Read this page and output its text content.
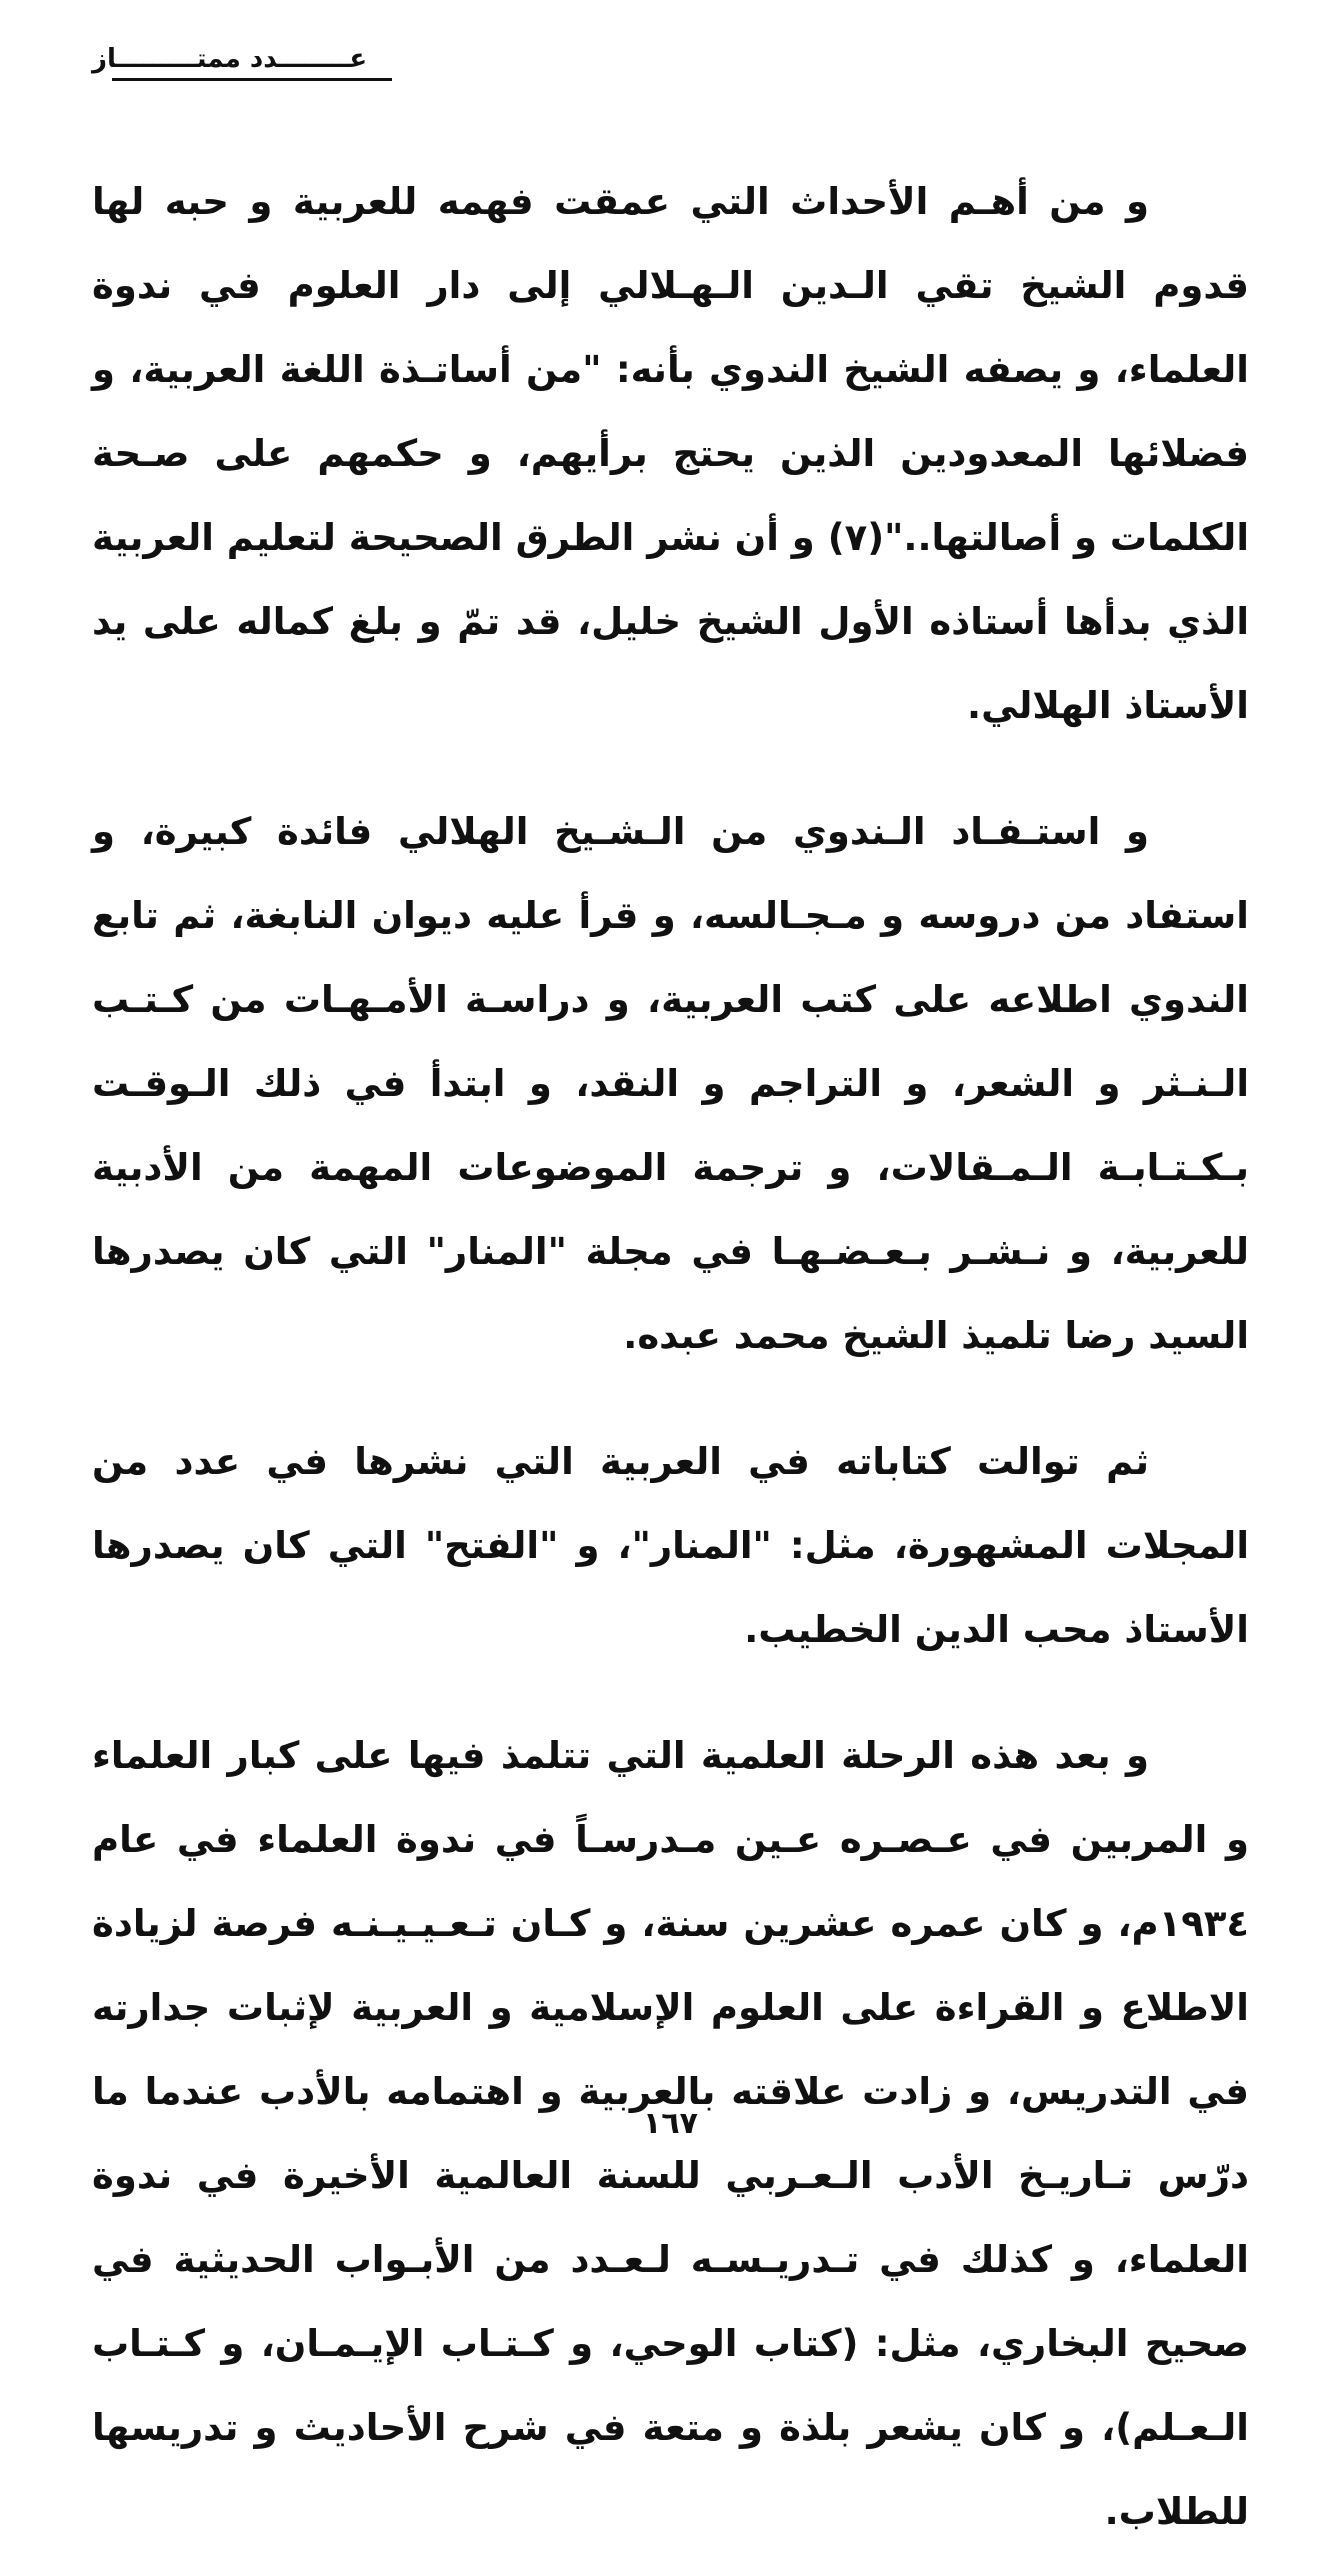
عــــــــدد ممتـــــــــاز

و من أهـم الأحداث التي عمقت فهمه للعربية و حبه لها قدوم الشيخ تقي الـدين الـهـلالي إلى دار العلوم في ندوة العلماء، و يصفه الشيخ الندوي بأنه: "من أساتـذة اللغة العربية، و فضلائها المعدودين الذين يحتج برأيهم، و حكمهم على صـحة الكلمات و أصالتها.."(٧) و أن نشر الطرق الصحيحة لتعليم العربية الذي بدأها أستاذه الأول الشيخ خليل، قد تمّ و بلغ كماله على يد الأستاذ الهلالي.

و استـفـاد الـندوي من الـشـيخ الهلالي فائدة كبيرة، و استفاد من دروسه و مـجـالسه، و قرأ عليه ديوان النابغة، ثم تابع الندوي اطلاعه على كتب العربية، و دراسـة الأمـهـات من كـتـب الـنـثر و الشعر، و التراجم و النقد، و ابتدأ في ذلك الـوقـت بـكـتـابـة الـمـقالات، و ترجمة الموضوعات المهمة من الأدبية للعربية، و نـشـر بـعـضـهـا في مجلة "المنار" التي كان يصدرها السيد رضا تلميذ الشيخ محمد عبده.

ثم توالت كتاباته في العربية التي نشرها في عدد من المجلات المشهورة، مثل: "المنار"، و "الفتح" التي كان يصدرها الأستاذ محب الدين الخطيب.

و بعد هذه الرحلة العلمية التي تتلمذ فيها على كبار العلماء و المربين في عـصـره عـين مـدرسـاً في ندوة العلماء في عام ١٩٣٤م، و كان عمره عشرين سنة، و كـان تـعـيـيـنـه فرصة لزيادة الاطلاع و القراءة على العلوم الإسلامية و العربية لإثبات جدارته في التدريس، و زادت علاقته بالعربية و اهتمامه بالأدب عندما ما درّس تـاريـخ الأدب الـعـربي للسنة العالمية الأخيرة في ندوة العلماء، و كذلك في تـدريـسـه لـعـدد من الأبـواب الحديثية في صحيح البخاري، مثل: (كتاب الوحي، و كـتـاب الإيـمـان، و كـتـاب الـعـلم)، و كان يشعر بلذة و متعة في شرح الأحاديث و تدريسها للطلاب.

١٦٧
